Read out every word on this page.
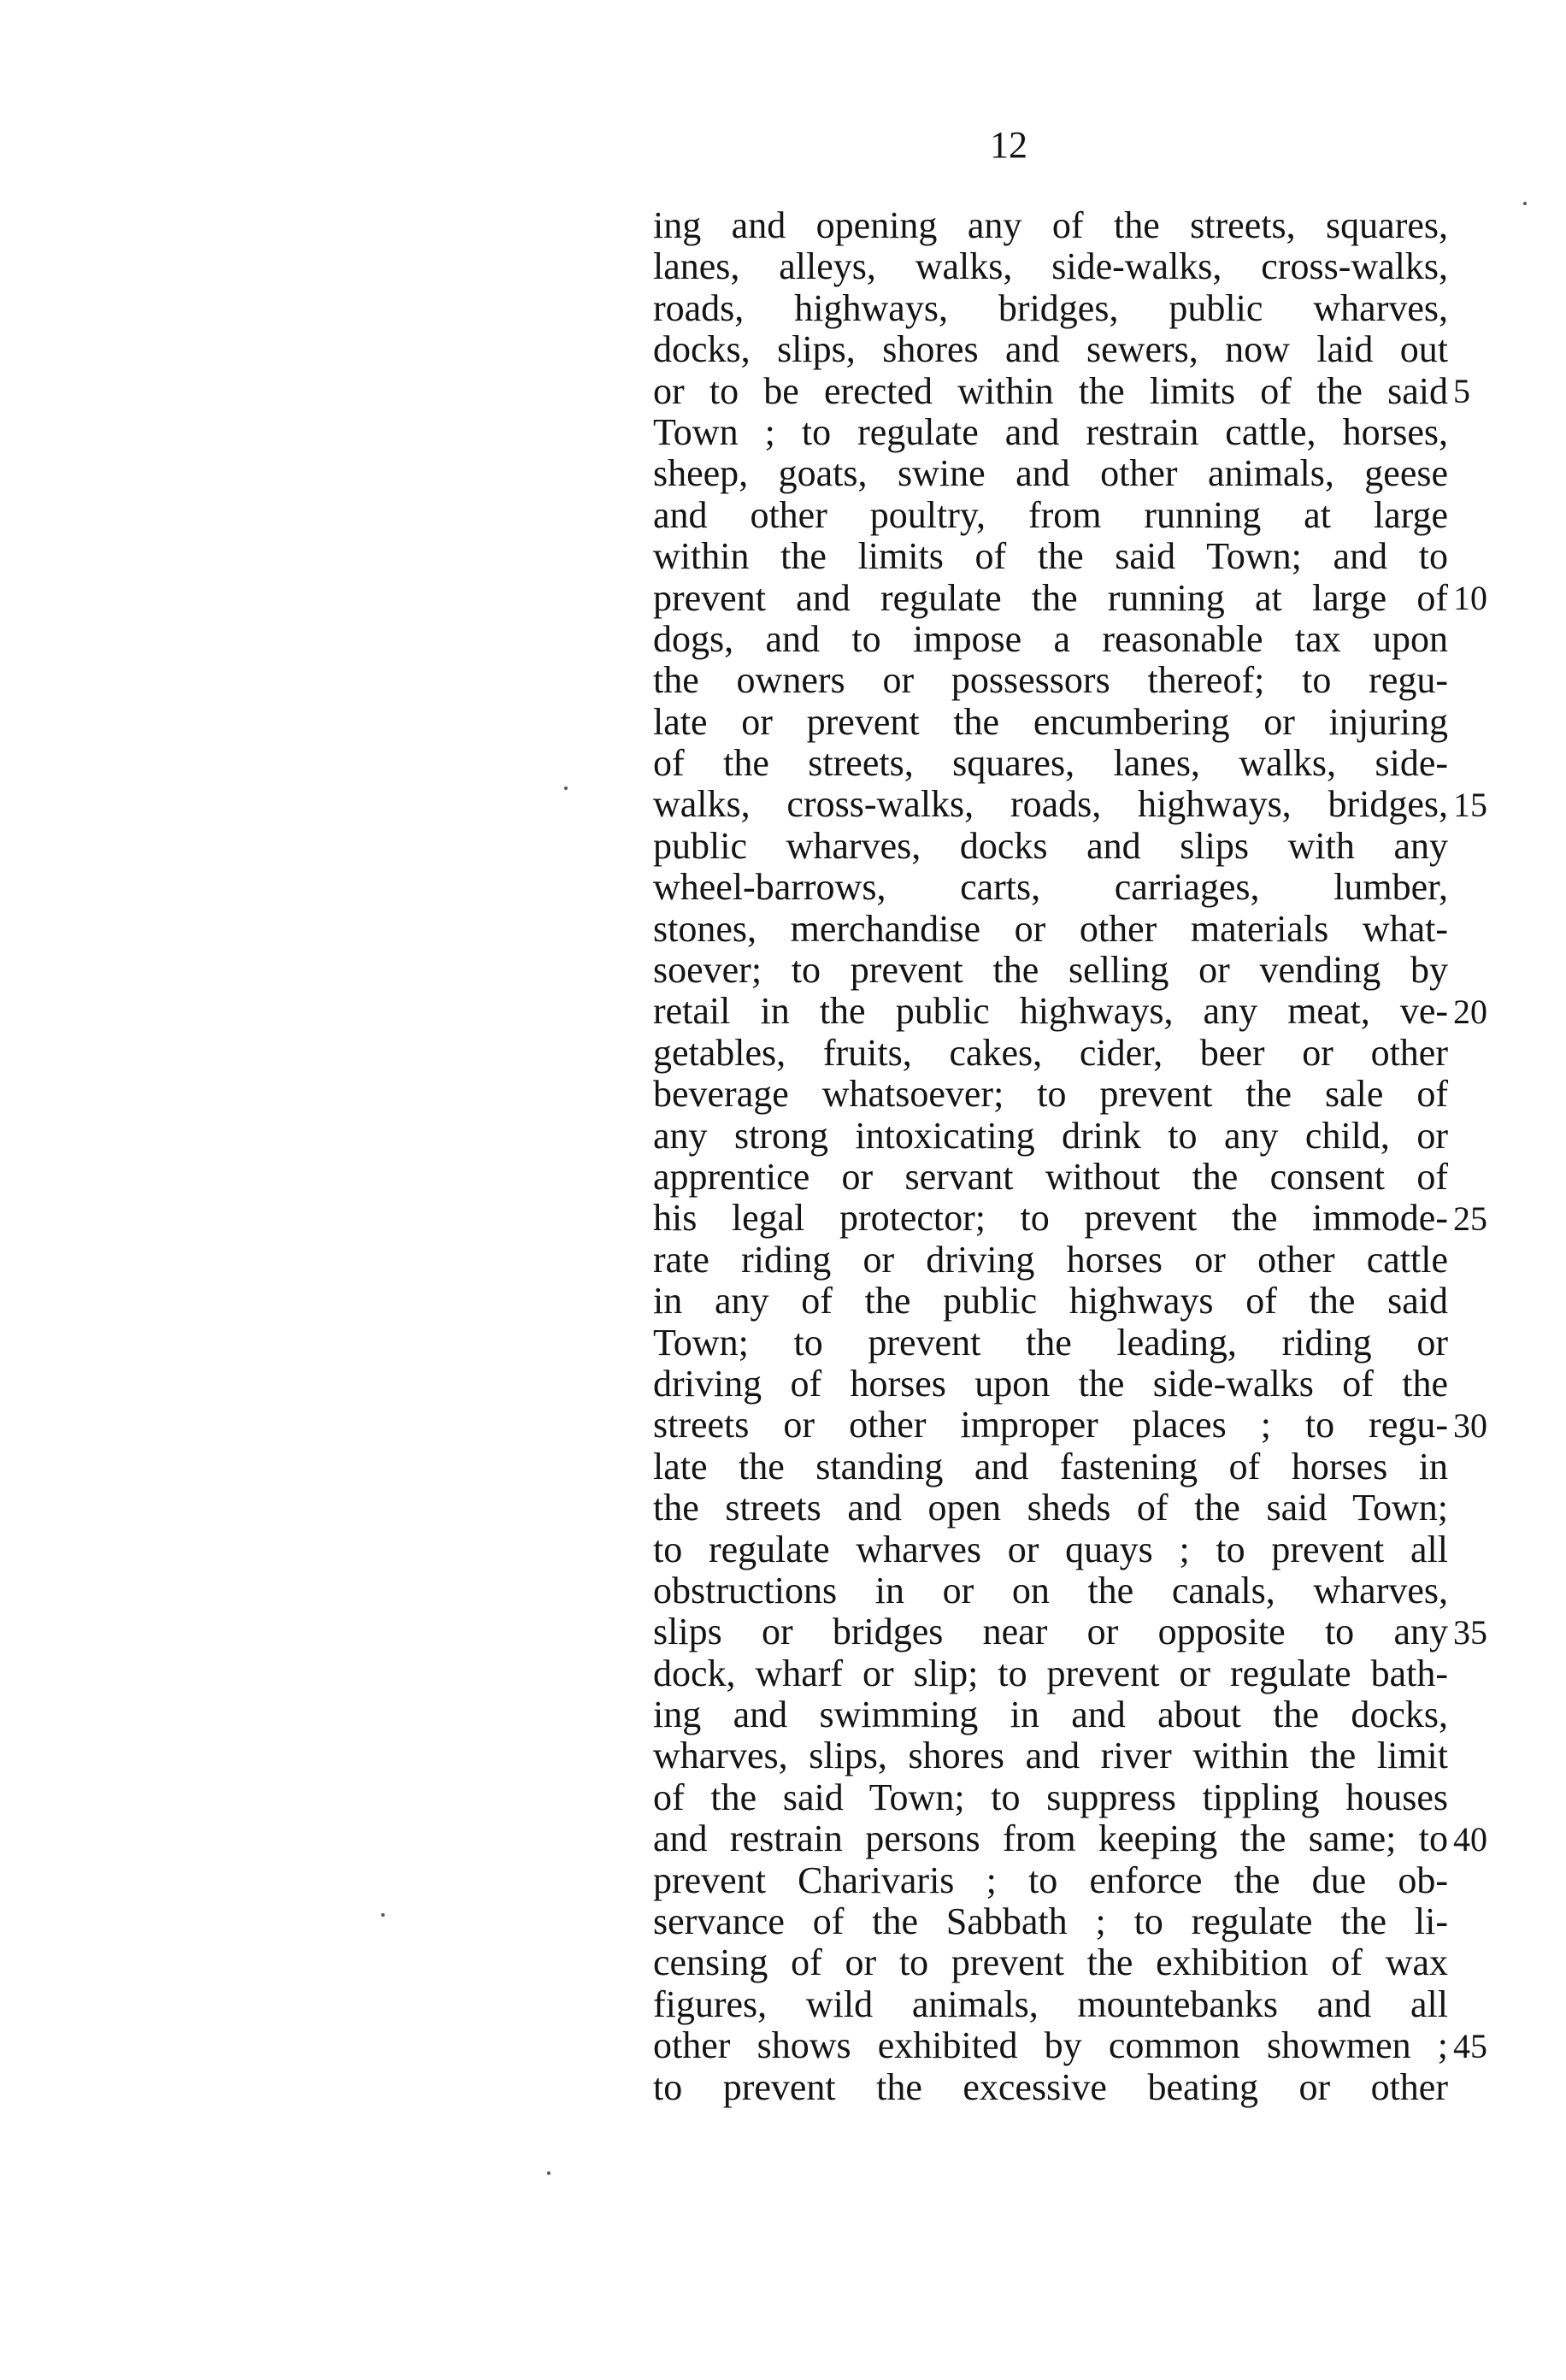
12
ing and opening any of the streets, squares,
lanes, alleys, walks, side-walks, cross-walks,
roads, highways, bridges, public wharves,
docks, slips, shores and sewers, now laid out
or to be erected within the limits of the said
Town ; to regulate and restrain cattle, horses,
sheep, goats, swine and other animals, geese
and other poultry, from running at large
within the limits of the said Town; and to
prevent and regulate the running at large of
dogs, and to impose a reasonable tax upon
the owners or possessors thereof; to regu-
late or prevent the encumbering or injuring
of the streets, squares, lanes, walks, side-
walks, cross-walks, roads, highways, bridges,
public wharves, docks and slips with any
wheel-barrows, carts, carriages, lumber,
stones, merchandise or other materials what-
soever; to prevent the selling or vending by
retail in the public highways, any meat, ve-
getables, fruits, cakes, cider, beer or other
beverage whatsoever; to prevent the sale of
any strong intoxicating drink to any child, or
apprentice or servant without the consent of
his legal protector; to prevent the immode-
rate riding or driving horses or other cattle
in any of the public highways of the said
Town; to prevent the leading, riding or
driving of horses upon the side-walks of the
streets or other improper places ; to regu-
late the standing and fastening of horses in
the streets and open sheds of the said Town;
to regulate wharves or quays ; to prevent all
obstructions in or on the canals, wharves,
slips or bridges near or opposite to any
dock, wharf or slip; to prevent or regulate bath-
ing and swimming in and about the docks,
wharves, slips, shores and river within the limit
of the said Town; to suppress tippling houses
and restrain persons from keeping the same; to
prevent Charivaris ; to enforce the due ob-
servance of the Sabbath ; to regulate the li-
censing of or to prevent the exhibition of wax
figures, wild animals, mountebanks and all
other shows exhibited by common showmen ;
to prevent the excessive beating or other
5
10
15
20
25
30
35
40
45
